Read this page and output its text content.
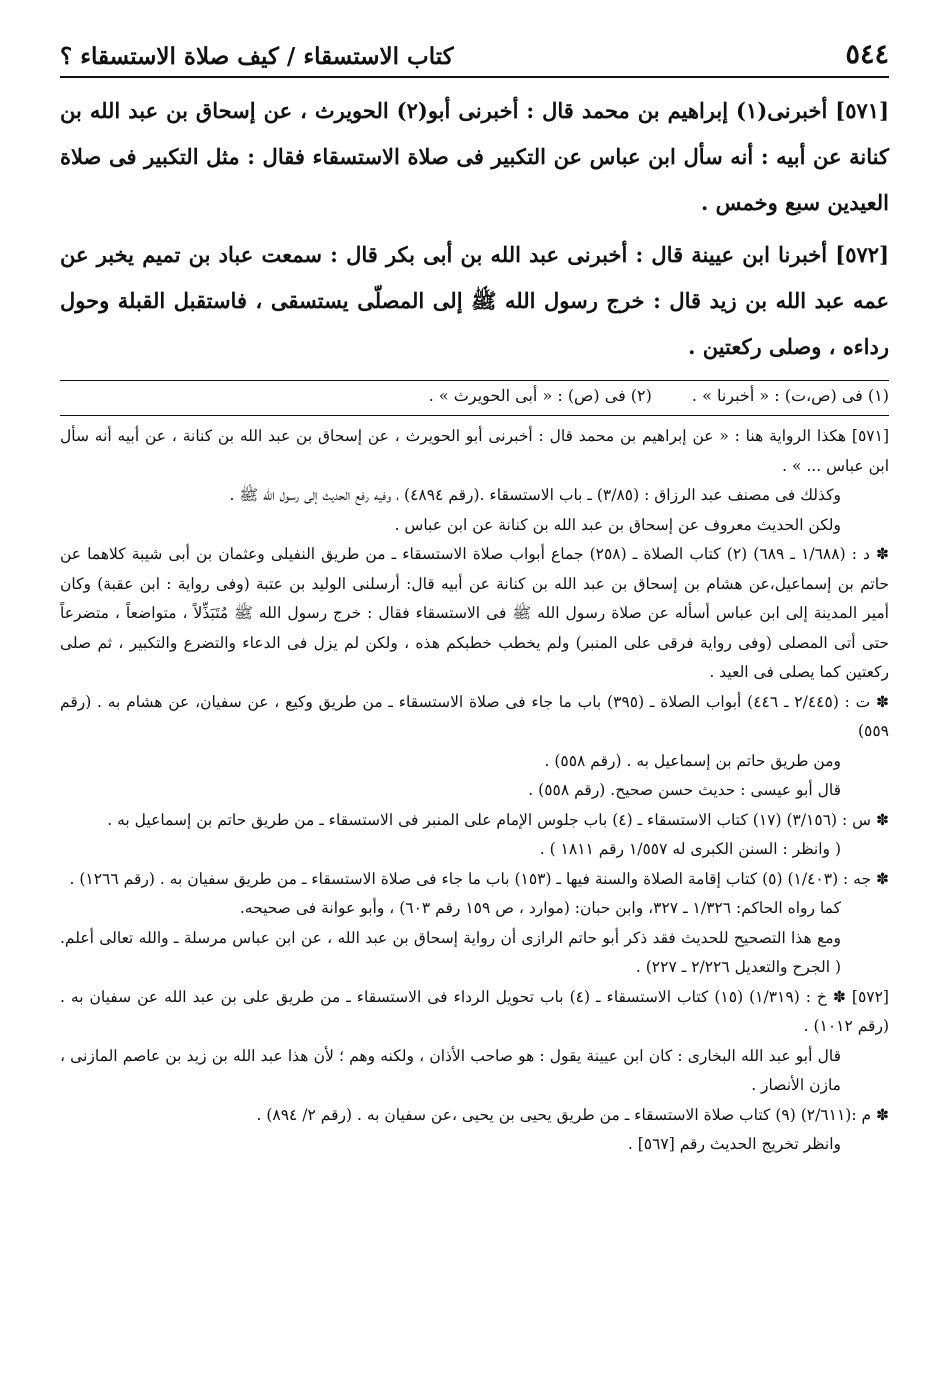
٥٤٤
كتاب الاستسقاء / كيف صلاة الاستسقاء ؟

[٥٧١] أخبرنى(١) إبراهيم بن محمد قال : أخبرنى أبو(٢) الحويرث ، عن إسحاق بن عبد الله بن كنانة عن أبيه : أنه سأل ابن عباس عن التكبير فى صلاة الاستسقاء فقال : مثل التكبير فى صلاة العيدين سبع وخمس .

[٥٧٢] أخبرنا ابن عيينة قال : أخبرنى عبد الله بن أبى بكر قال : سمعت عباد بن تميم يخبر عن عمه عبد الله بن زيد قال : خرج رسول الله ﷺ إلى المصلّى يستسقى ، فاستقبل القبلة وحول رداءه ، وصلى ركعتين .

(١) فى (ص،ت) : « أخبرنا » .
(٢) فى (ص) : « أبى الحويرث » .

[٥٧١] هكذا الرواية هنا : « عن إبراهيم بن محمد قال : أخبرنى أبو الحويرث ، عن إسحاق بن عبد الله بن كنانة ، عن أبيه أنه سأل ابن عباس ... » .

وكذلك فى مصنف عبد الرزاق : (٣/٨٥) ـ باب الاستسقاء .(رقم ٤٨٩٤) ، وفيه رفع الحديث إلى رسول الله ﷺ .

ولكن الحديث معروف عن إسحاق بن عبد الله بن كنانة عن ابن عباس .

✽ د : (١/٦٨٨ ـ ٦٨٩) (٢) كتاب الصلاة ـ (٢٥٨) جماع أبواب صلاة الاستسقاء ـ من طريق النفيلى وعثمان بن أبى شيبة كلاهما عن حاتم بن إسماعيل،عن هشام بن إسحاق بن عبد الله بن كنانة عن أبيه قال: أرسلنى الوليد بن عتبة (وفى رواية : ابن عقبة) وكان أمير المدينة إلى ابن عباس أسأله عن صلاة رسول الله ﷺ فى الاستسقاء فقال : خرج رسول الله ﷺ مُتَبَذِّلاً ، متواضعاً ، متضرعاً حتى أتى المصلى (وفى رواية فرقى على المنبر) ولم يخطب خطبكم هذه ، ولكن لم يزل فى الدعاء والتضرع والتكبير ، ثم صلى ركعتين كما يصلى فى العيد .

✽ ت : (٢/٤٤٥ ـ ٤٤٦) أبواب الصلاة ـ (٣٩٥) باب ما جاء فى صلاة الاستسقاء ـ من طريق وكيع ، عن سفيان، عن هشام به . (رقم ٥٥٩)

ومن طريق حاتم بن إسماعيل به . (رقم ٥٥٨) .

قال أبو عيسى : حديث حسن صحيح. (رقم ٥٥٨) .

✽ س : (٣/١٥٦) (١٧) كتاب الاستسقاء ـ (٤) باب جلوس الإمام على المنبر فى الاستسقاء ـ من طريق حاتم بن إسماعيل به .

( وانظر : السنن الكبرى له ١/٥٥٧ رقم ١٨١١ ) .

✽ جه : (١/٤٠٣) (٥) كتاب إقامة الصلاة والسنة فيها ـ (١٥٣) باب ما جاء فى صلاة الاستسقاء ـ من طريق سفيان به . (رقم ١٢٦٦) .

كما رواه الحاكم: ١/٣٢٦ ـ ٣٢٧، وابن حبان: (موارد ، ص ١٥٩ رقم ٦٠٣) ، وأبو عوانة فى صحيحه.

ومع هذا التصحيح للحديث فقد ذكر أبو حاتم الرازى أن رواية إسحاق بن عبد الله ، عن ابن عباس مرسلة ـ والله تعالى أعلم. ( الجرح والتعديل ٢/٢٢٦ ـ ٢٢٧) .

[٥٧٢] ✽ خ : (١/٣١٩) (١٥) كتاب الاستسقاء ـ (٤) باب تحويل الرداء فى الاستسقاء ـ من طريق على بن عبد الله عن سفيان به . (رقم ١٠١٢) .

قال أبو عبد الله البخارى : كان ابن عيينة يقول : هو صاحب الأذان ، ولكنه وهم ؛ لأن هذا عبد الله بن زيد بن عاصم المازنى ، مازن الأنصار .

✽ م :(٢/٦١١) (٩) كتاب صلاة الاستسقاء ـ من طريق يحيى بن يحيى ،عن سفيان به . (رقم ٢/ ٨٩٤) .

وانظر تخريج الحديث رقم [٥٦٧] .
